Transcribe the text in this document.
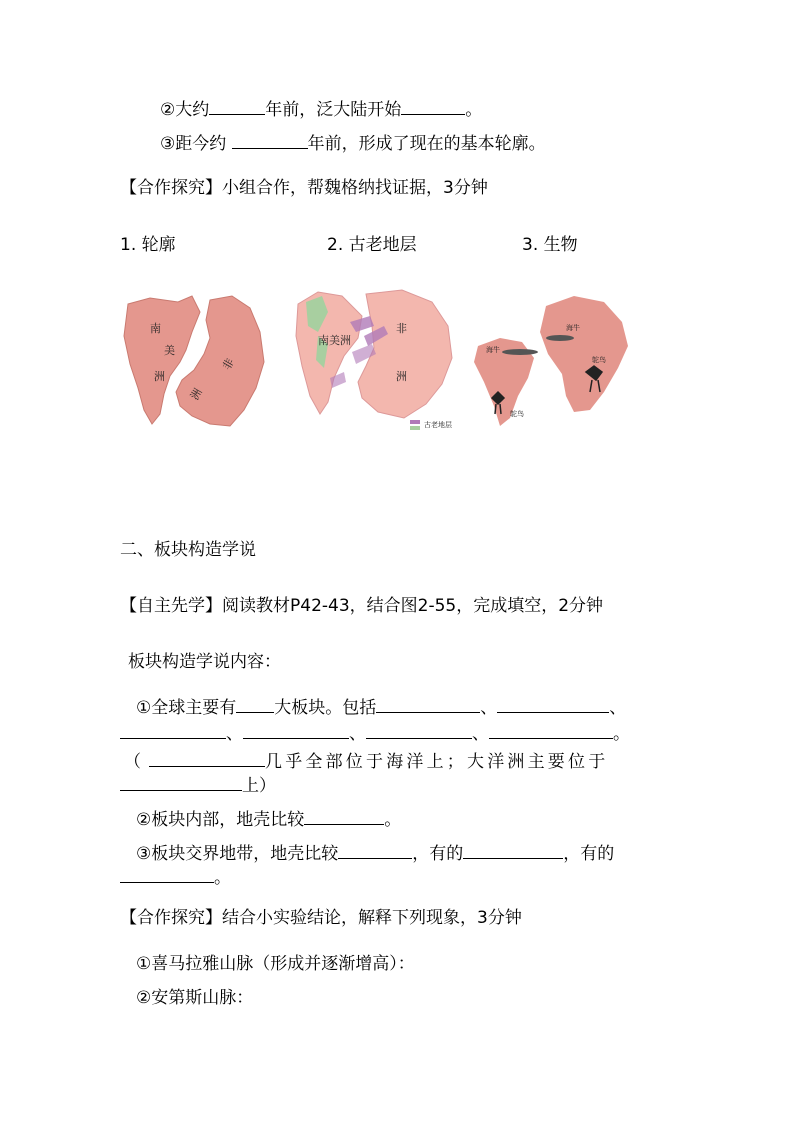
②大约	年前，泛大陆开始	。
③距今约	年前，形成了现在的基本轮廓。
【合作探究】小组合作，帮魏格纳找证据，3分钟
1. 轮廓	2. 古老地层	3. 生物
南
美
洲
非
洲
南美洲
非
洲
古老地层
海牛
海牛
鸵鸟
鸵鸟
二、板块构造学说
【自主先学】阅读教材P42-43，结合图2-55，完成填空，2分钟
板块构造学说内容：
①全球主要有 大板块。包括	、	、
、	、	、	。
（	几乎全部位于海洋上；大洋洲主要位于
上）
②板块内部，地壳比较	。
③板块交界地带，地壳比较	，有的	，有的
。
【合作探究】结合小实验结论，解释下列现象，3分钟
①喜马拉雅山脉（形成并逐渐增高）：
②安第斯山脉：
